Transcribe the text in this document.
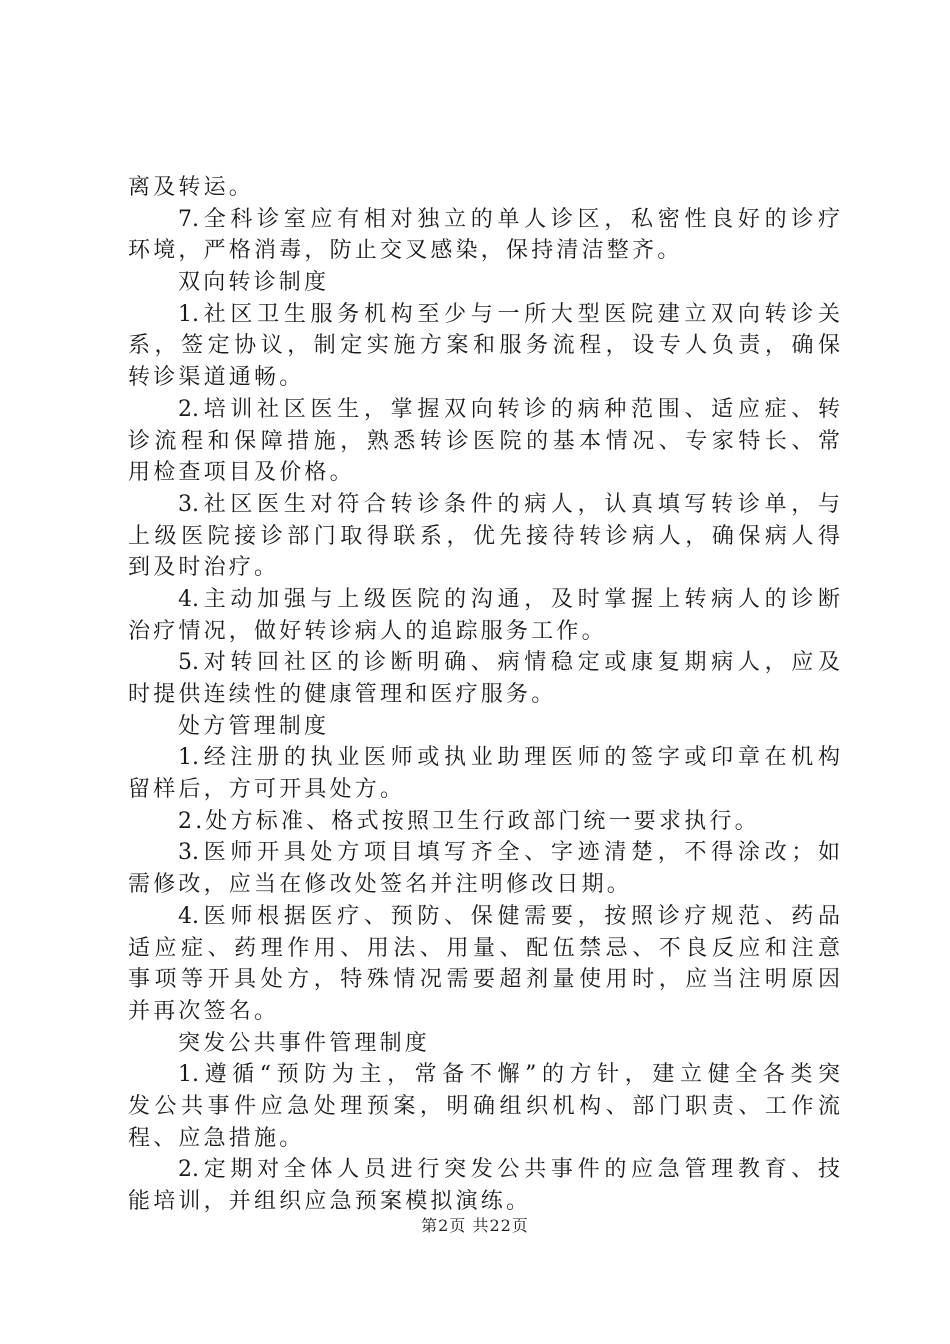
离及转运。
7.全科诊室应有相对独立的单人诊区，私密性良好的诊疗
环境，严格消毒，防止交叉感染，保持清洁整齐。
双向转诊制度
1.社区卫生服务机构至少与一所大型医院建立双向转诊关
系，签定协议，制定实施方案和服务流程，设专人负责，确保
转诊渠道通畅。
2.培训社区医生，掌握双向转诊的病种范围、适应症、转
诊流程和保障措施，熟悉转诊医院的基本情况、专家特长、常
用检查项目及价格。
3.社区医生对符合转诊条件的病人，认真填写转诊单，与
上级医院接诊部门取得联系，优先接待转诊病人，确保病人得
到及时治疗。
4.主动加强与上级医院的沟通，及时掌握上转病人的诊断
治疗情况，做好转诊病人的追踪服务工作。
5.对转回社区的诊断明确、病情稳定或康复期病人，应及
时提供连续性的健康管理和医疗服务。
处方管理制度
1.经注册的执业医师或执业助理医师的签字或印章在机构
留样后，方可开具处方。
2.处方标准、格式按照卫生行政部门统一要求执行。
3.医师开具处方项目填写齐全、字迹清楚，不得涂改；如
需修改，应当在修改处签名并注明修改日期。
4.医师根据医疗、预防、保健需要，按照诊疗规范、药品
适应症、药理作用、用法、用量、配伍禁忌、不良反应和注意
事项等开具处方，特殊情况需要超剂量使用时，应当注明原因
并再次签名。
突发公共事件管理制度
1.遵循“预防为主，常备不懈”的方针，建立健全各类突
发公共事件应急处理预案，明确组织机构、部门职责、工作流
程、应急措施。
2.定期对全体人员进行突发公共事件的应急管理教育、技
能培训，并组织应急预案模拟演练。
第2页 共22页
